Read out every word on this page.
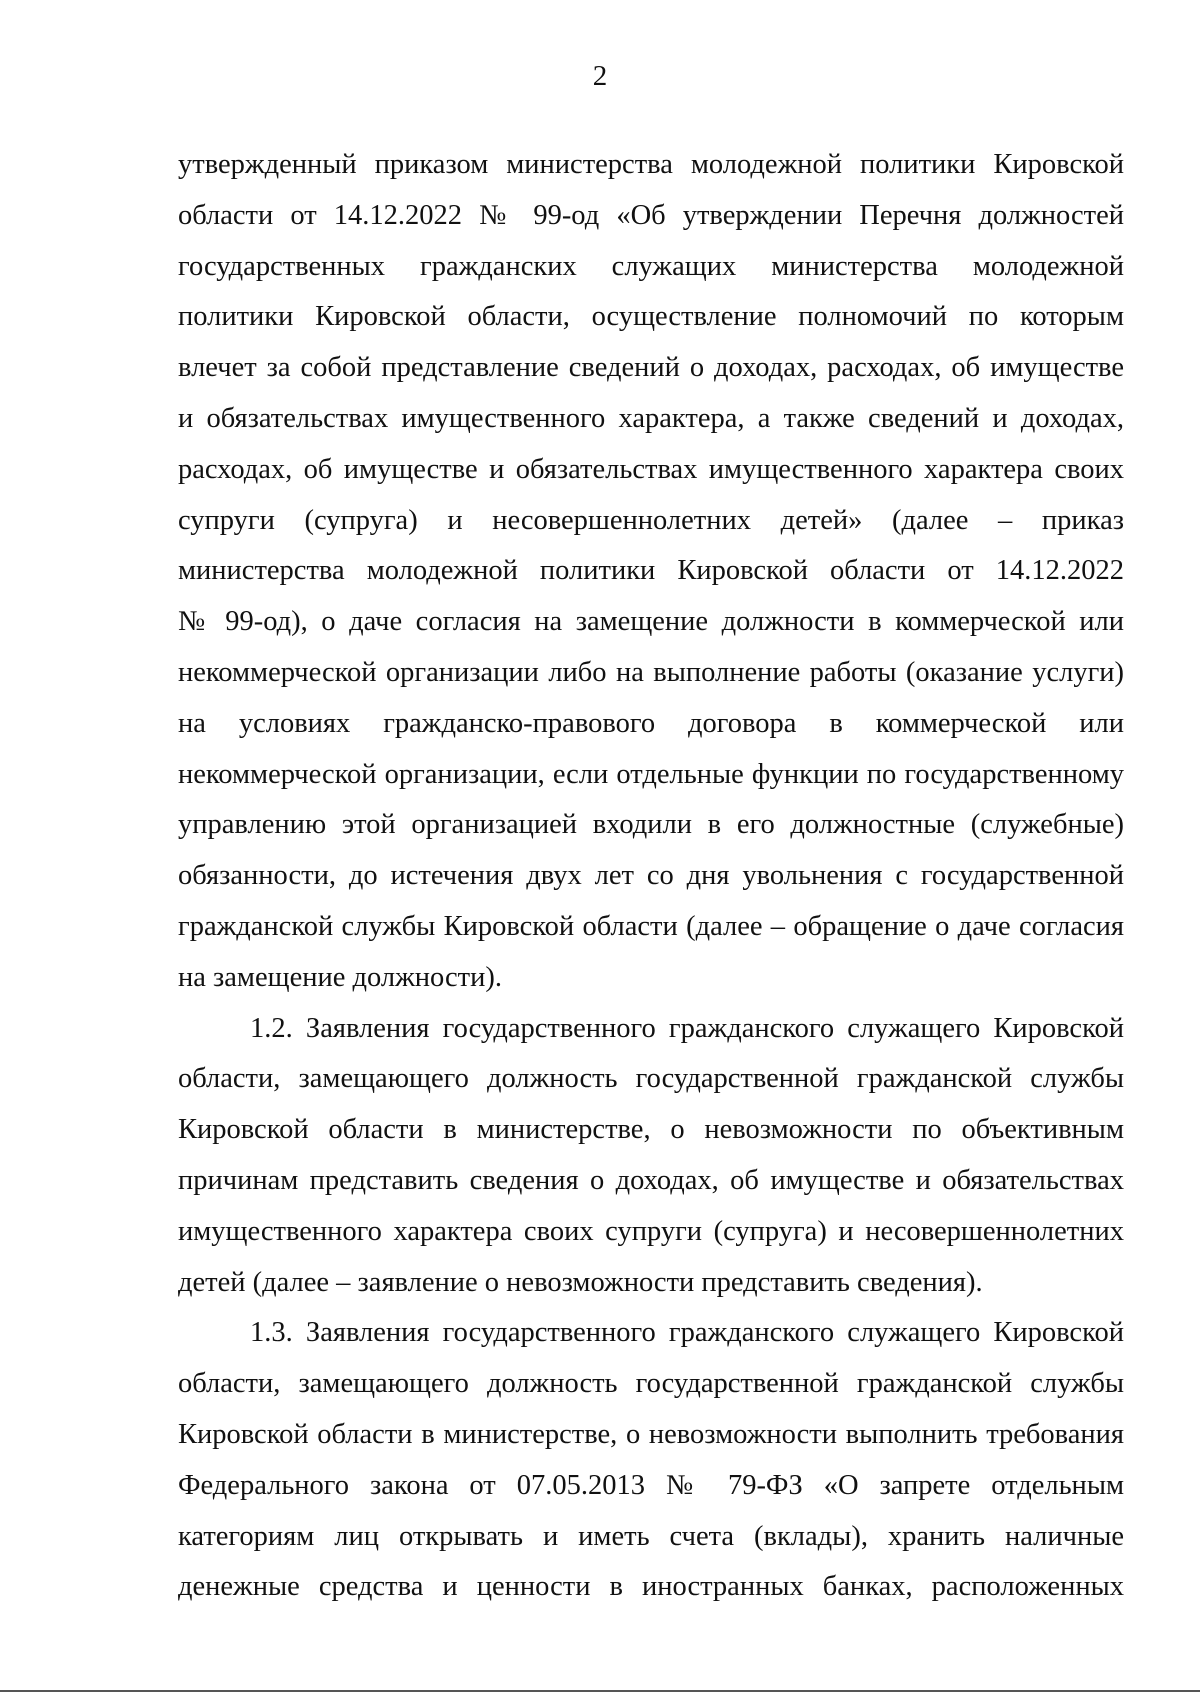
2
утвержденный приказом министерства молодежной политики Кировской
области от 14.12.2022 № 99-од «Об утверждении Перечня должностей
государственных гражданских служащих министерства молодежной
политики Кировской области, осуществление полномочий по которым
влечет за собой представление сведений о доходах, расходах, об имуществе
и обязательствах имущественного характера, а также сведений и доходах,
расходах, об имуществе и обязательствах имущественного характера своих
супруги (супруга) и несовершеннолетних детей» (далее – приказ
министерства молодежной политики Кировской области от 14.12.2022
№ 99-од), о даче согласия на замещение должности в коммерческой или
некоммерческой организации либо на выполнение работы (оказание услуги)
на условиях гражданско-правового договора в коммерческой или
некоммерческой организации, если отдельные функции по государственному
управлению этой организацией входили в его должностные (служебные)
обязанности, до истечения двух лет со дня увольнения с государственной
гражданской службы Кировской области (далее – обращение о даче согласия
на замещение должности).
1.2. Заявления государственного гражданского служащего Кировской
области, замещающего должность государственной гражданской службы
Кировской области в министерстве, о невозможности по объективным
причинам представить сведения о доходах, об имуществе и обязательствах
имущественного характера своих супруги (супруга) и несовершеннолетних
детей (далее – заявление о невозможности представить сведения).
1.3. Заявления государственного гражданского служащего Кировской
области, замещающего должность государственной гражданской службы
Кировской области в министерстве, о невозможности выполнить требования
Федерального закона от 07.05.2013 № 79-ФЗ «О запрете отдельным
категориям лиц открывать и иметь счета (вклады), хранить наличные
денежные средства и ценности в иностранных банках, расположенных
